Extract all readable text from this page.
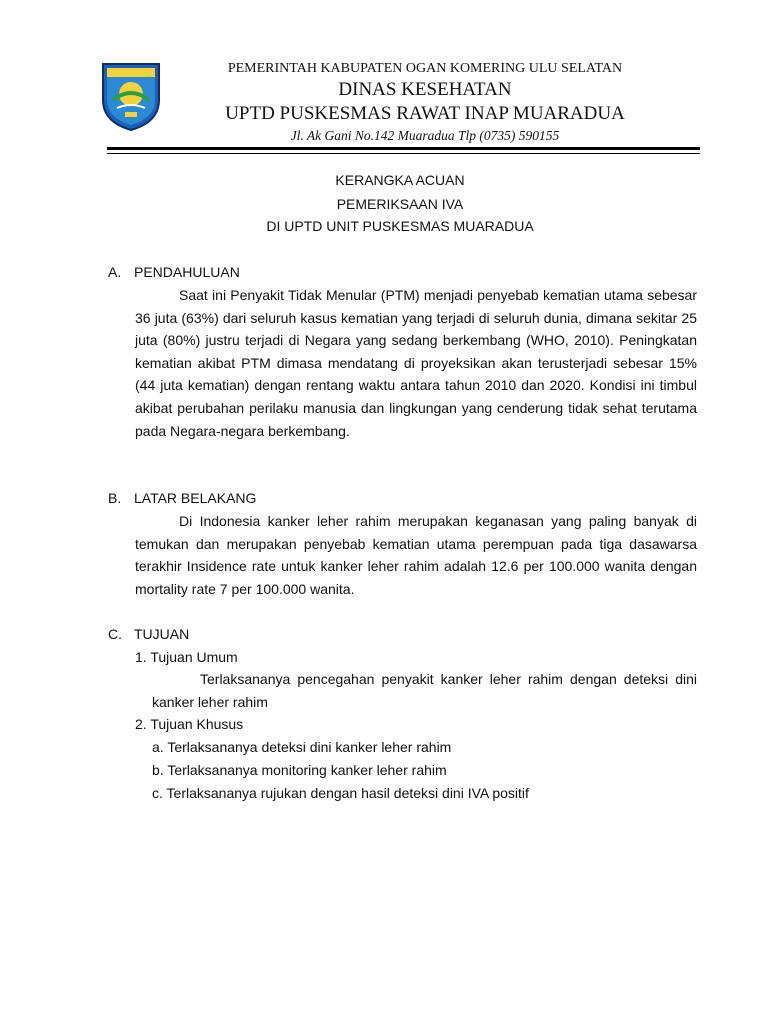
PEMERINTAH KABUPATEN OGAN KOMERING ULU SELATAN
DINAS KESEHATAN
UPTD PUSKESMAS RAWAT INAP MUARADUA
Jl. Ak Gani No.142 Muaradua Tlp (0735) 590155
KERANGKA ACUAN
PEMERIKSAAN IVA
DI UPTD UNIT PUSKESMAS MUARADUA
A. PENDAHULUAN

Saat ini Penyakit Tidak Menular (PTM) menjadi penyebab kematian utama sebesar 36 juta (63%) dari seluruh kasus kematian yang terjadi di seluruh dunia, dimana sekitar 25 juta (80%) justru terjadi di Negara yang sedang berkembang (WHO, 2010). Peningkatan kematian akibat PTM dimasa mendatang di proyeksikan akan terusterjadi sebesar 15% (44 juta kematian) dengan rentang waktu antara tahun 2010 dan 2020. Kondisi ini timbul akibat perubahan perilaku manusia dan lingkungan yang cenderung tidak sehat terutama pada Negara-negara berkembang.

B. LATAR BELAKANG

Di Indonesia kanker leher rahim merupakan keganasan yang paling banyak di temukan dan merupakan penyebab kematian utama perempuan pada tiga dasawarsa terakhir Insidence rate untuk kanker leher rahim adalah 12.6 per 100.000 wanita dengan mortality rate 7 per 100.000 wanita.

C. TUJUAN
1. Tujuan Umum

Terlaksananya pencegahan penyakit kanker leher rahim dengan deteksi dini kanker leher rahim

2. Tujuan Khusus
a. Terlaksananya deteksi dini kanker leher rahim
b. Terlaksananya monitoring kanker leher rahim
c. Terlaksananya rujukan dengan hasil deteksi dini IVA positif
